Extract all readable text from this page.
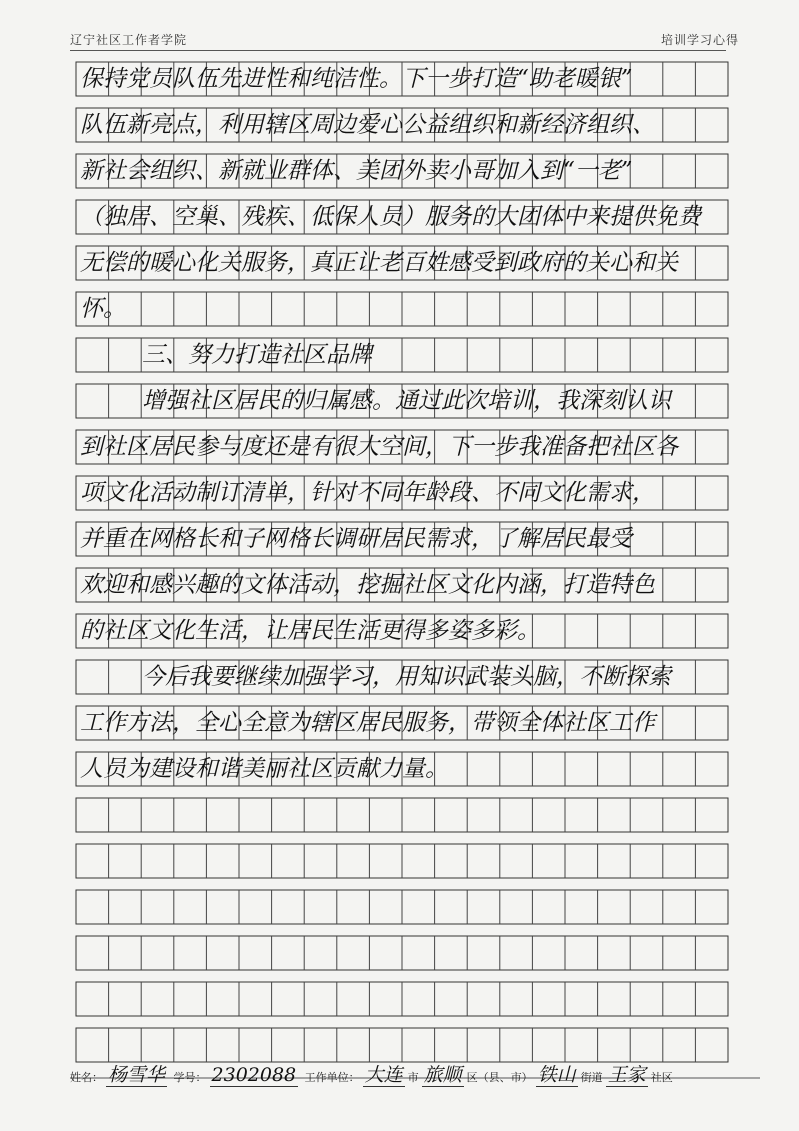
辽宁社区工作者学院	培训学习心得
保持党员队伍先进性和纯洁性。下一步打造“助老暖银”
队伍新亮点，利用辖区周边爱心公益组织和新经济组织、
新社会组织、新就业群体、美团外卖小哥加入到“一老”
（独居、空巢、残疾、低保人员）服务的大团体中来提供免费
无偿的暖心化关服务，真正让老百姓感受到政府的关心和关
怀。
三、努力打造社区品牌
增强社区居民的归属感。通过此次培训，我深刻认识
到社区居民参与度还是有很大空间，下一步我准备把社区各
项文化活动制订清单，针对不同年龄段、不同文化需求，
并重在网格长和子网格长调研居民需求，了解居民最受
欢迎和感兴趣的文体活动，挖掘社区文化内涵，打造特色
的社区文化生活，让居民生活更得多姿多彩。
今后我要继续加强学习，用知识武装头脑，不断探索
工作方法，全心全意为辖区居民服务，带领全体社区工作
人员为建设和谐美丽社区贡献力量。
姓名： 杨雪华 学号： 2302088 工作单位： 大连 市 旅顺 区（县、市） 铁山 街道 王家 社区
